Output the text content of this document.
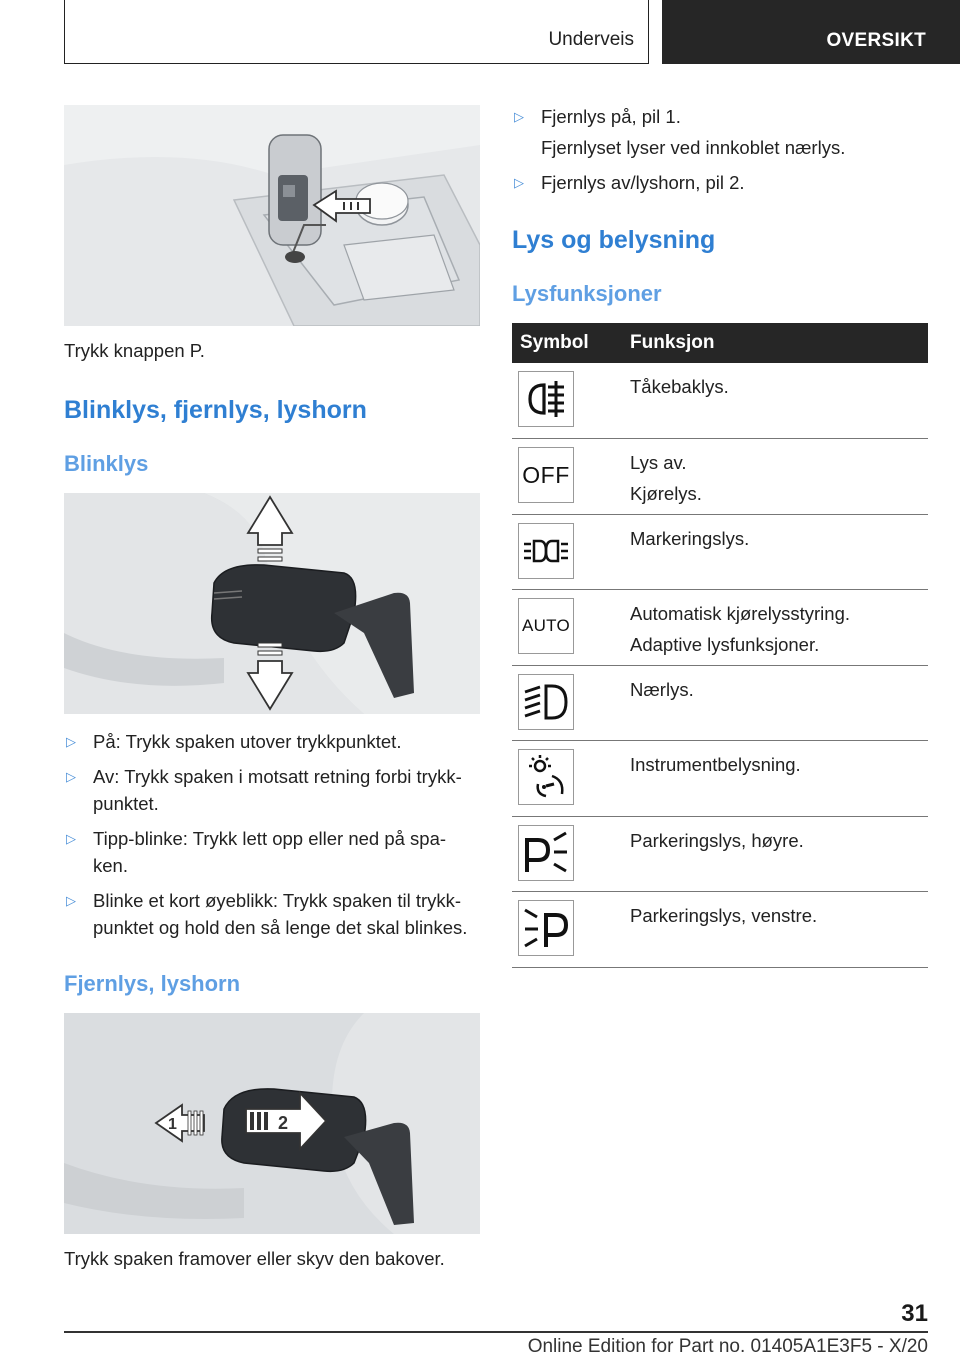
Underveis	OVERSIKT

Trykk knappen P.

Blinklys, fjernlys, lyshorn
Blinklys
▷ På: Trykk spaken utover trykkpunktet.
▷ Av: Trykk spaken i motsatt retning forbi trykk-punktet.
▷ Tipp-blinke: Trykk lett opp eller ned på spa-ken.
▷ Blinke et kort øyeblikk: Trykk spaken til trykk-punktet og hold den så lenge det skal blinkes.
Fjernlys, lyshorn
1	2

Trykk spaken framover eller skyv den bakover.

▷ Fjernlys på, pil 1.

Fjernlyset lyser ved innkoblet nærlys.

▷ Fjernlys av/lyshorn, pil 2.
Lys og belysning
Lysfunksjoner
Symbol	Funksjon

Tåkebaklys.

OFF	Lys av.
Kjørelys.

Markeringslys.

AUTO	Automatisk kjørelysstyring.
Adaptive lysfunksjoner.

Nærlys.

Instrumentbelysning.

Parkeringslys, høyre.

Parkeringslys, venstre.
31
Online Edition for Part no. 01405A1E3F5 - X/20
